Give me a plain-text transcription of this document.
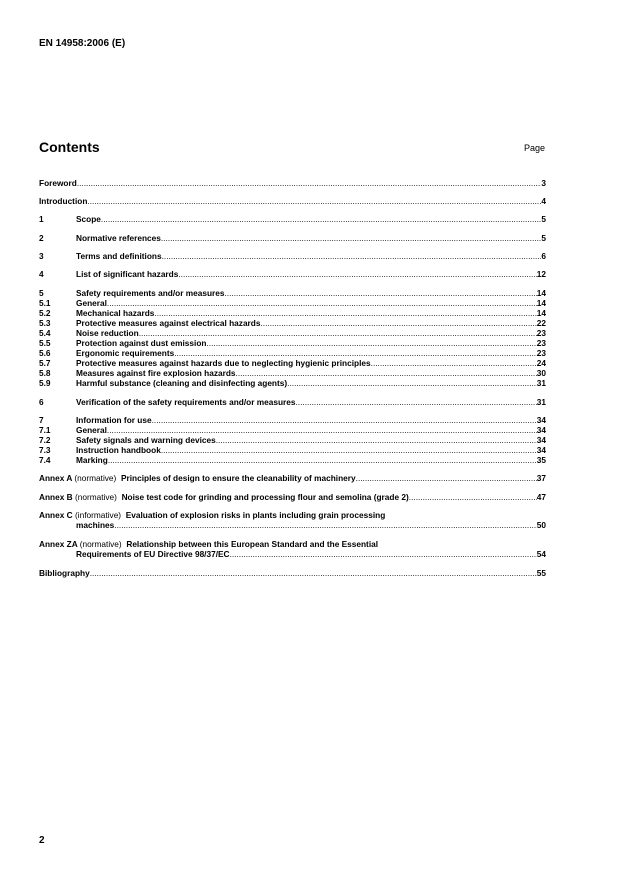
EN 14958:2006 (E)
Contents	Page
Foreword .....	3
Introduction .....	4
1	Scope .....	5
2	Normative references .....	5
3	Terms and definitions .....	6
4	List of significant hazards .....	12
5	Safety requirements and/or measures .....	14
5.1	General .....	14
5.2	Mechanical hazards .....	14
5.3	Protective measures against electrical hazards .....	22
5.4	Noise reduction .....	23
5.5	Protection against dust emission .....	23
5.6	Ergonomic requirements .....	23
5.7	Protective measures against hazards due to neglecting hygienic principles .....	24
5.8	Measures against fire explosion hazards .....	30
5.9	Harmful substance (cleaning and disinfecting agents) .....	31
6	Verification of the safety requirements and/or measures .....	31
7	Information for use .....	34
7.1	General .....	34
7.2	Safety signals and warning devices .....	34
7.3	Instruction handbook .....	34
7.4	Marking .....	35
Annex A (normative) Principles of design to ensure the cleanability of machinery .....	37
Annex B (normative) Noise test code for grinding and processing flour and semolina (grade 2) .....	47
Annex C (informative) Evaluation of explosion risks in plants including grain processing
machines .....	50
Annex ZA (normative) Relationship between this European Standard and the Essential
Requirements of EU Directive 98/37/EC .....	54
Bibliography .....	55
2
